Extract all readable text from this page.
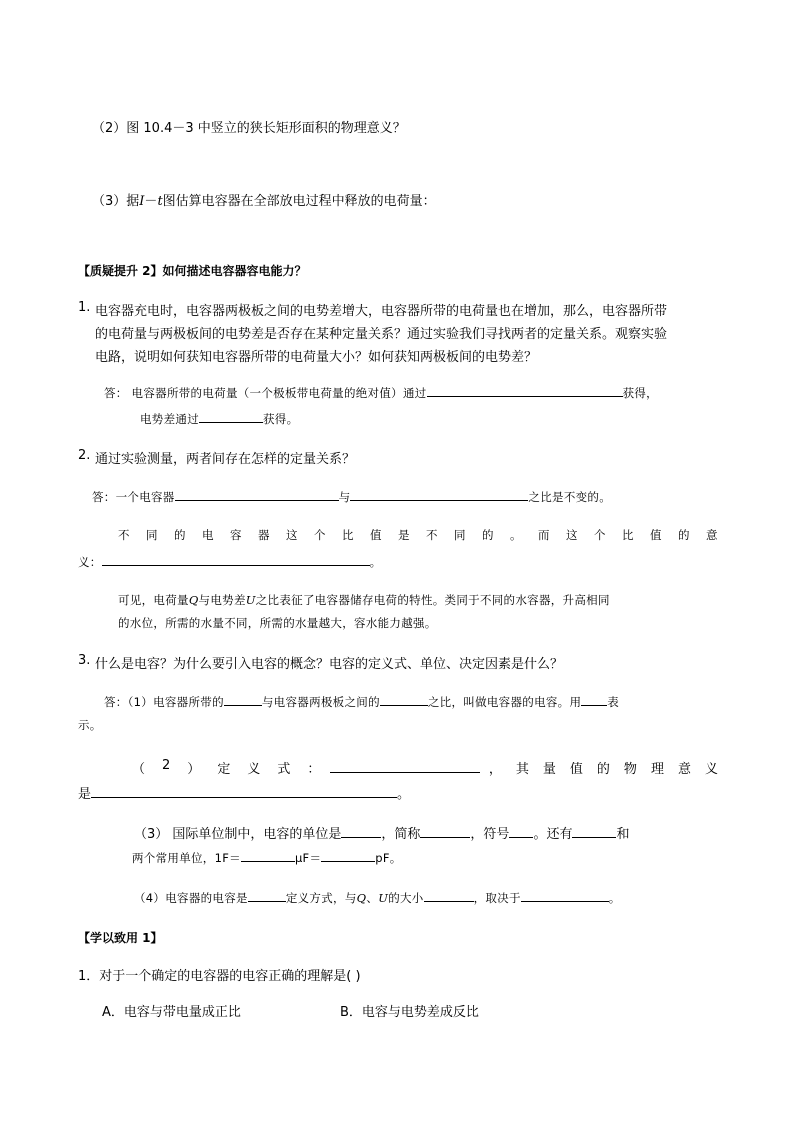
（2）图 10.4－3 中竖立的狭长矩形面积的物理意义？
（3）据I－t图估算电容器在全部放电过程中释放的电荷量：
【质疑提升 2】如何描述电容器容电能力？
1. 电容器充电时，电容器两极板之间的电势差增大，电容器所带的电荷量也在增加，那么，电容器所带
的电荷量与两极板间的电势差是否存在某种定量关系？通过实验我们寻找两者的定量关系。观察实验
电路，说明如何获知电容器所带的电荷量大小？如何获知两极板间的电势差？
答： 电容器所带的电荷量（一个极板带电荷量的绝对值）通过	获得，
电势差通过	获得。
2. 通过实验测量，两者间存在怎样的定量关系？
答：一个电容器	与	之比是不变的。
不 同 的 电 容 器 这 个 比 值 是 不 同 的 。 而 这 个 比 值 的 意
义：	。
可见，电荷量Q与电势差U之比表征了电容器储存电荷的特性。类同于不同的水容器，升高相同
的水位，所需的水量不同，所需的水量越大，容水能力越强。
3. 什么是电容？为什么要引入电容的概念？电容的定义式、单位、决定因素是什么？
答：（1）电容器所带的	与电容器两极板之间的	之比，叫做电容器的电容。用 表
示。
（ 2 ） 定 义 式 ：	， 其 量 值 的 物 理 意 义
是	。
（3） 国际单位制中，电容的单位是	，简称	，符号 。还有	和
两个常用单位，1F＝	μF＝	pF。
（4）电容器的电容是	定义方式，与Q、U的大小	，取决于	。
【学以致用 1】
1．对于一个确定的电容器的电容正确的理解是( )
A．电容与带电量成正比	B．电容与电势差成反比
